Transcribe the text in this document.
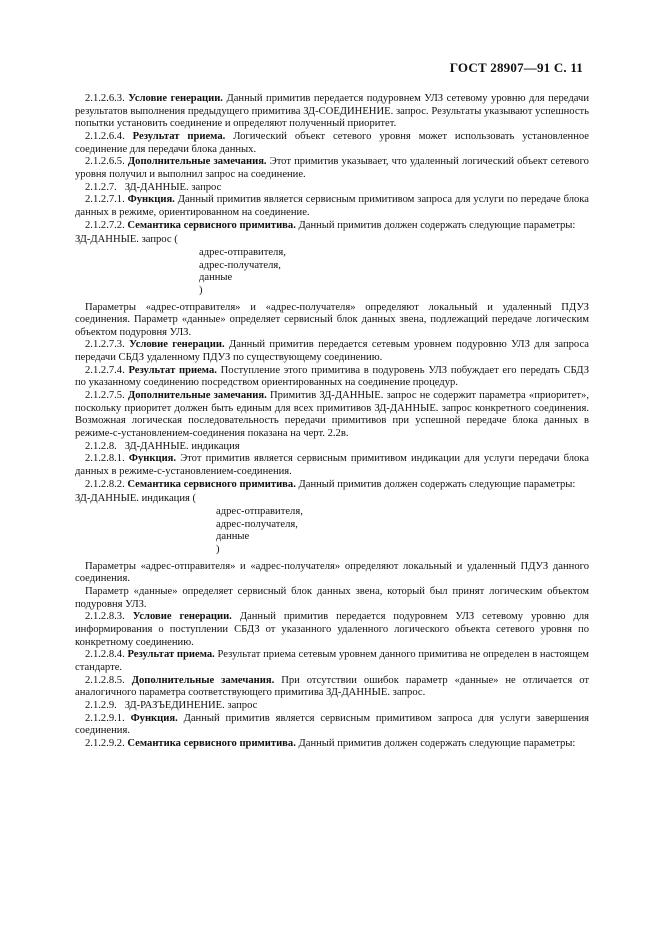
ГОСТ 28907—91 С. 11

2.1.2.6.3. Условие генерации. Данный примитив передается подуровнем УЛЗ сетевому уровню для передачи результатов выполнения предыдущего примитива ЗД-СОЕДИНЕНИЕ. запрос. Результаты указывают успешность попытки установить соединение и определяют полученный приоритет.

2.1.2.6.4. Результат приема. Логический объект сетевого уровня может использовать установленное соединение для передачи блока данных.

2.1.2.6.5. Дополнительные замечания. Этот примитив указывает, что удаленный логический объект сетевого уровня получил и выполнил запрос на соединение.

2.1.2.7.   ЗД-ДАННЫЕ. запрос

2.1.2.7.1. Функция. Данный примитив является сервисным примитивом запроса для услуги по передаче блока данных в режиме, ориентированном на соединение.

2.1.2.7.2. Семантика сервисного примитива. Данный примитив должен содержать следующие параметры:

ЗД-ДАННЫЕ. запрос (
адрес-отправителя,
адрес-получателя,
данные
)

Параметры «адрес-отправителя» и «адрес-получателя» определяют локальный и удаленный ПДУЗ соединения. Параметр «данные» определяет сервисный блок данных звена, подлежащий передаче логическим объектом подуровня УЛЗ.

2.1.2.7.3. Условие генерации. Данный примитив передается сетевым уровнем подуровню УЛЗ для запроса передачи СБДЗ удаленному ПДУЗ по существующему соединению.

2.1.2.7.4. Результат приема. Поступление этого примитива в подуровень УЛЗ побуждает его передать СБДЗ по указанному соединению посредством ориентированных на соединение процедур.

2.1.2.7.5. Дополнительные замечания. Примитив ЗД-ДАННЫЕ. запрос не содержит параметра «приоритет», поскольку приоритет должен быть единым для всех примитивов ЗД-ДАННЫЕ. запрос конкретного соединения. Возможная логическая последовательность передачи примитивов при успешной передаче блока данных в режиме-с-установлением-соединения показана на черт. 2.2в.

2.1.2.8.   ЗД-ДАННЫЕ. индикация

2.1.2.8.1. Функция. Этот примитив является сервисным примитивом индикации для услуги передачи блока данных в режиме-с-установлением-соединения.

2.1.2.8.2. Семантика сервисного примитива. Данный примитив должен содержать следующие параметры:

ЗД-ДАННЫЕ. индикация (
адрес-отправителя,
адрес-получателя,
данные
)

Параметры «адрес-отправителя» и «адрес-получателя» определяют локальный и удаленный ПДУЗ данного соединения.

Параметр «данные» определяет сервисный блок данных звена, который был принят логическим объектом подуровня УЛЗ.

2.1.2.8.3. Условие генерации. Данный примитив передается подуровнем УЛЗ сетевому уровню для информирования о поступлении СБДЗ от указанного удаленного логического объекта сетевого уровня по конкретному соединению.

2.1.2.8.4. Результат приема. Результат приема сетевым уровнем данного примитива не определен в настоящем стандарте.

2.1.2.8.5. Дополнительные замечания. При отсутствии ошибок параметр «данные» не отличается от аналогичного параметра соответствующего примитива ЗД-ДАННЫЕ. запрос.

2.1.2.9.   ЗД-РАЗЪЕДИНЕНИЕ. запрос

2.1.2.9.1. Функция. Данный примитив является сервисным примитивом запроса для услуги завершения соединения.

2.1.2.9.2. Семантика сервисного примитива. Данный примитив должен содержать следующие параметры:
